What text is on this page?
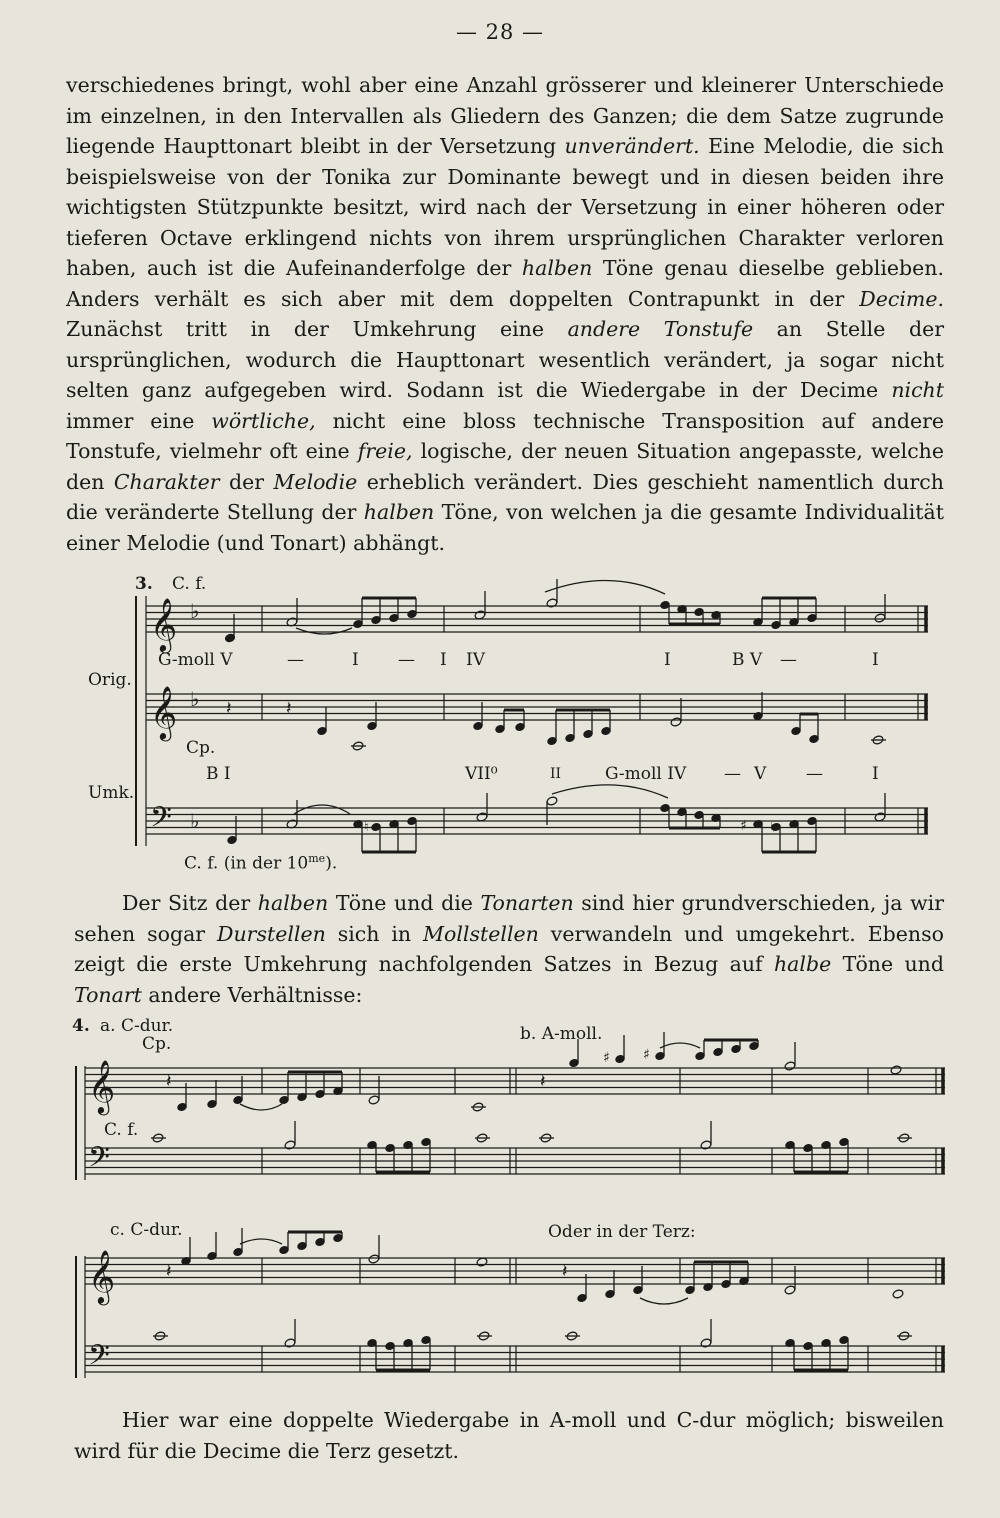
— 28 —

verschiedenes bringt, wohl aber eine Anzahl grösserer und kleinerer Unterschiede im einzelnen, in den Intervallen als Gliedern des Ganzen; die dem Satze zugrunde liegende Haupttonart bleibt in der Versetzung unverändert. Eine Melodie, die sich beispielsweise von der Tonika zur Dominante bewegt und in diesen beiden ihre wichtigsten Stützpunkte besitzt, wird nach der Versetzung in einer höheren oder tieferen Octave erklingend nichts von ihrem ursprünglichen Charakter verloren haben, auch ist die Aufeinanderfolge der halben Töne genau dieselbe geblieben. Anders verhält es sich aber mit dem doppelten Contrapunkt in der Decime. Zunächst tritt in der Umkehrung eine andere Tonstufe an Stelle der ursprünglichen, wodurch die Haupttonart wesentlich verändert, ja sogar nicht selten ganz aufgegeben wird. Sodann ist die Wiedergabe in der Decime nicht immer eine wörtliche, nicht eine bloss technische Transposition auf andere Tonstufe, vielmehr oft eine freie, logische, der neuen Situation angepasste, welche den Charakter der Melodie erheblich verändert. Dies geschieht namentlich durch die veränderte Stellung der halben Töne, von welchen ja die gesamte Individualität einer Melodie (und Tonart) abhängt.

3. C. f.
Orig.
Umk.
Cp.
C. f. (in der $10^{me}$).
G-moll V	—	I — I IV	I	B V —	I
B I	VII⁰	II	G-moll IV — V —	I
𝄞 ♭
𝄞 ♭
𝄢 ♭
𝄽	𝄽
♮	♯ ♮

Der Sitz der halben Töne und die Tonarten sind hier grundverschieden, ja wir sehen sogar Durstellen sich in Mollstellen verwandeln und umgekehrt. Ebenso zeigt die erste Umkehrung nachfolgenden Satzes in Bezug auf halbe Töne und Tonart andere Verhältnisse:

4. a. C-dur.
Cp.
C. f.
b. A-moll.
c. C-dur.	Oder in der Terz:
𝄞
𝄢
𝄞
𝄢
𝄽	𝄽
♯ ♯
𝄽	𝄽

Hier war eine doppelte Wiedergabe in A-moll und C-dur möglich; bisweilen wird für die Decime die Terz gesetzt.
